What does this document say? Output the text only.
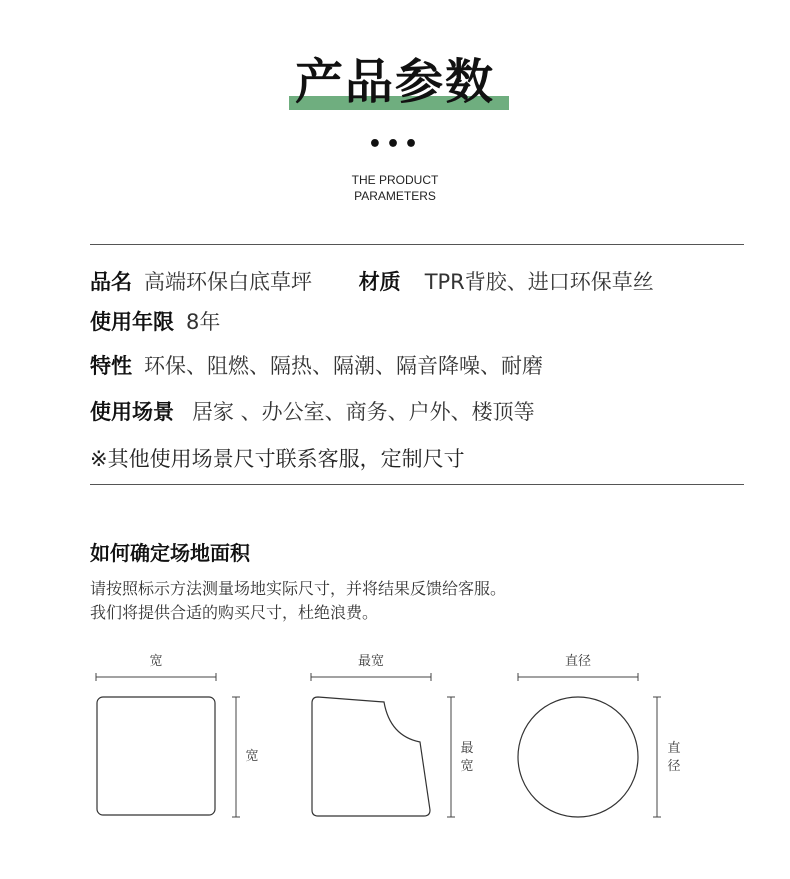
产品参数
•••
THE PRODUCT
PARAMETERS
品名 高端环保白底草坪 材质 TPR背胶、进口环保草丝
使用年限 8年
特性 环保、阻燃、隔热、隔潮、隔音降噪、耐磨
使用场景 居家 、办公室、商务、户外、楼顶等
※其他使用场景尺寸联系客服，定制尺寸
如何确定场地面积
请按照标示方法测量场地实际尺寸，并将结果反馈给客服。
我们将提供合适的购买尺寸，杜绝浪费。
宽
宽
最宽
最
宽
直径
直
径
